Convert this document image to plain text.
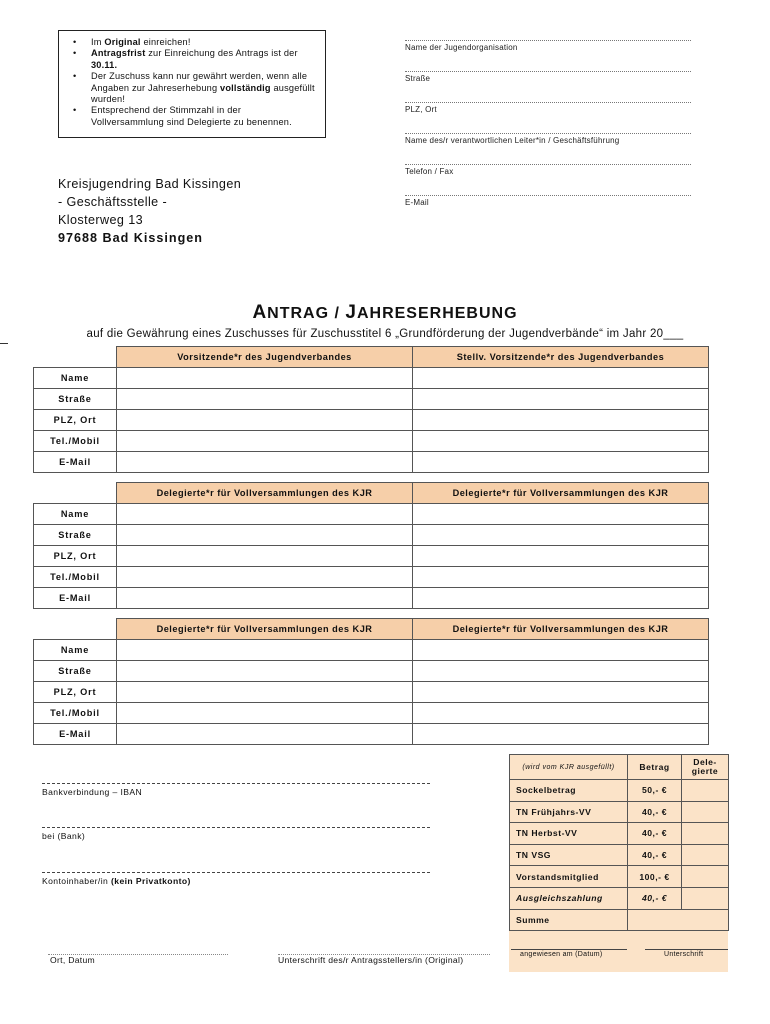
• Im Original einreichen!
• Antragsfrist zur Einreichung des Antrags ist der 30.11.
• Der Zuschuss kann nur gewährt werden, wenn alle Angaben zur Jahreserhebung vollständig ausgefüllt wurden!
• Entsprechend der Stimmzahl in der Vollversammlung sind Delegierte zu benennen.
Name der Jugendorganisation
Straße
PLZ, Ort
Name des/r verantwortlichen Leiter*in / Geschäftsführung
Telefon / Fax
E-Mail
Kreisjugendring Bad Kissingen
- Geschäftsstelle -
Klosterweg 13
97688 Bad Kissingen
ANTRAG / JAHRESERHEBUNG
auf die Gewährung eines Zuschusses für Zuschusstitel 6 „Grundförderung der Jugendverbände“ im Jahr 20___
	Vorsitzende*r des Jugendverbandes	Stellv. Vorsitzende*r des Jugendverbandes
Name		
Straße		
PLZ, Ort		
Tel./Mobil		
E-Mail		
	Delegierte*r für Vollversammlungen des KJR	Delegierte*r für Vollversammlungen des KJR
Name		
Straße		
PLZ, Ort		
Tel./Mobil		
E-Mail		
	Delegierte*r für Vollversammlungen des KJR	Delegierte*r für Vollversammlungen des KJR
Name		
Straße		
PLZ, Ort		
Tel./Mobil		
E-Mail		
Bankverbindung – IBAN
bei (Bank)
Kontoinhaber/in (kein Privatkonto)
Ort, Datum	Unterschrift des/r Antragsstellers/in (Original)
(wird vom KJR ausgefüllt)	Betrag	Dele-
gierte
Sockelbetrag	50,- €	
TN Frühjahrs-VV	40,- €	
TN Herbst-VV	40,- €	
TN VSG	40,- €	
Vorstandsmitglied	100,- €	
Ausgleichszahlung	40,- €	
Summe		
angewiesen am (Datum)	Unterschrift
